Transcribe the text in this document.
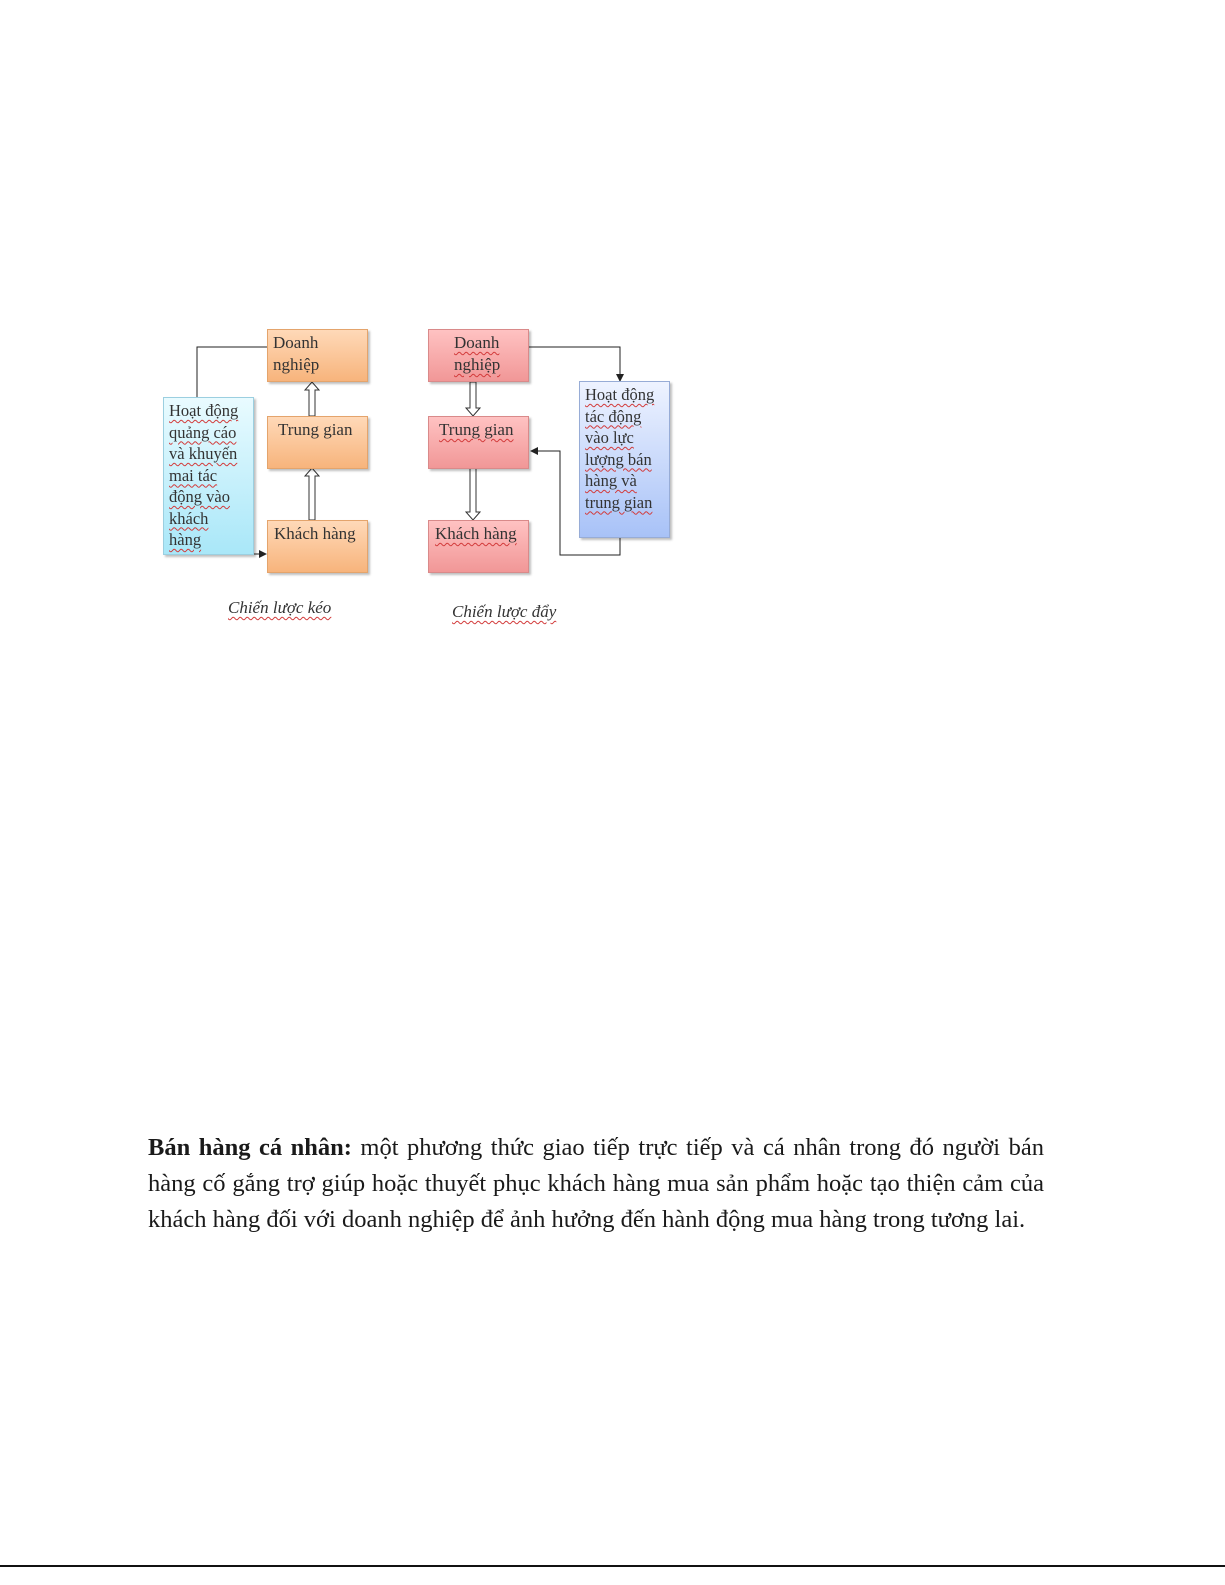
Doanh
nghiệp
Trung gian
Khách hàng
Hoạt động
quảng cáo
và khuyến
mai tác
động vào
khách
hàng
Chiến lược kéo
Doanh
nghiệp
Trung gian
Khách hàng
Hoạt động
tác động
vào lực
lượng bán
hàng và
trung gian
Chiến lược đẩy
Bán hàng cá nhân: một phương thức giao tiếp trực tiếp và cá nhân trong đó người bán hàng cố gắng trợ giúp hoặc thuyết phục khách hàng mua sản phẩm hoặc tạo thiện cảm của khách hàng đối với doanh nghiệp để ảnh hưởng đến hành động mua hàng trong tương lai.
